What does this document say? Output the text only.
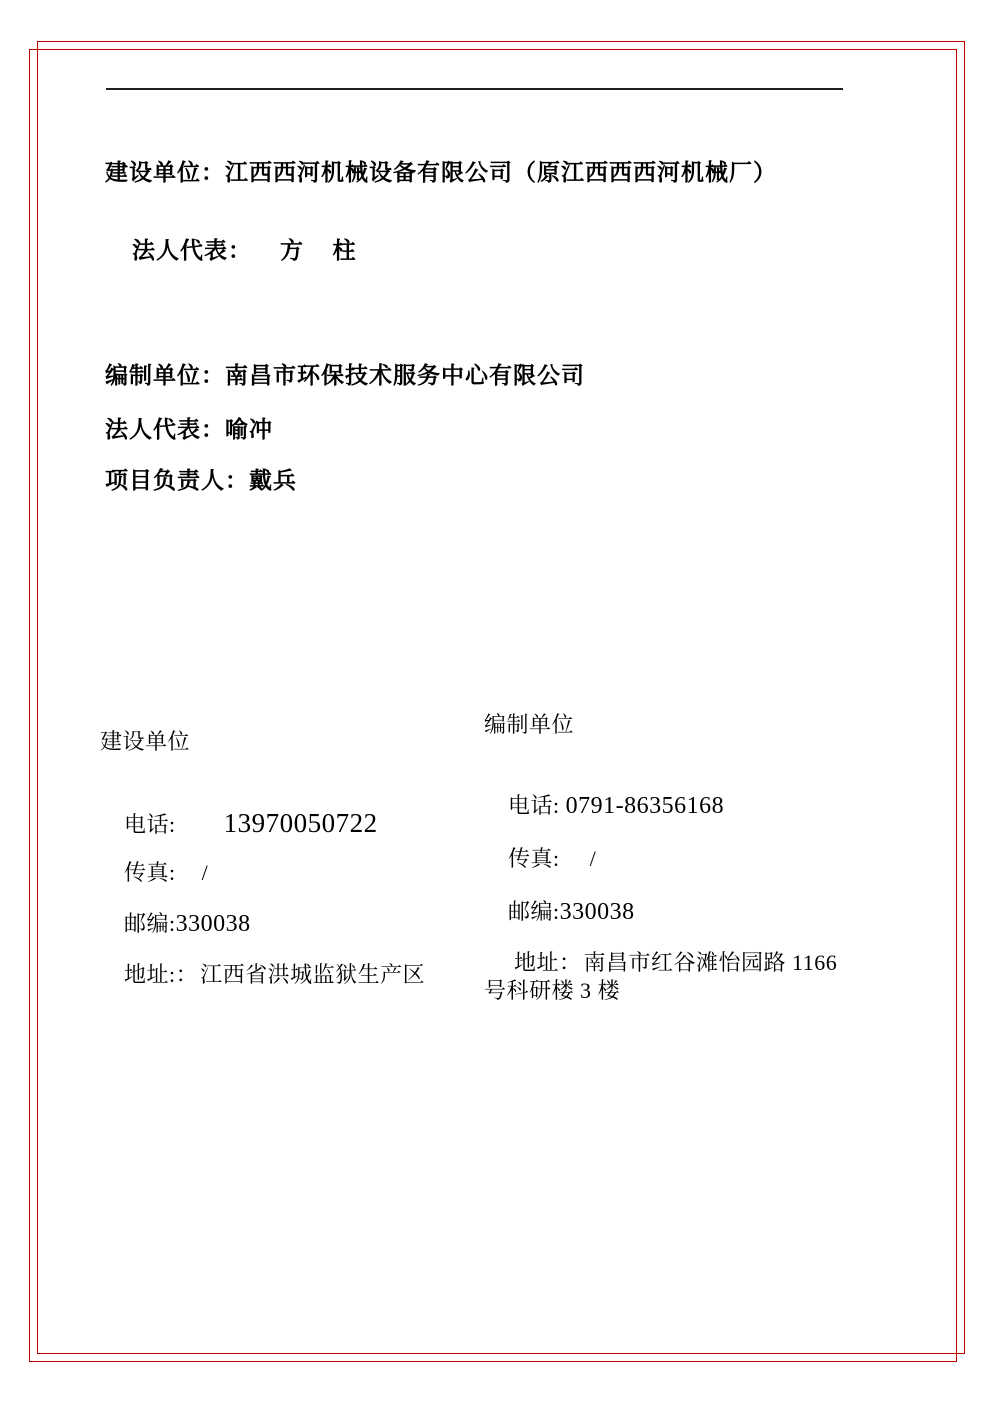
建设单位：江西西河机械设备有限公司（原江西西西河机械厂）

法人代表： 方  柱

编制单位：南昌市环保技术服务中心有限公司
法人代表：喻冲
项目负责人：戴兵
建设单位

电话: 13970050722

传真: /

邮编:330038

地址:：江西省洪城监狱生产区

编制单位

电话: 0791-86356168

传真: /

邮编:330038

地址：南昌市红谷滩怡园路 1166

号科研楼 3 楼
